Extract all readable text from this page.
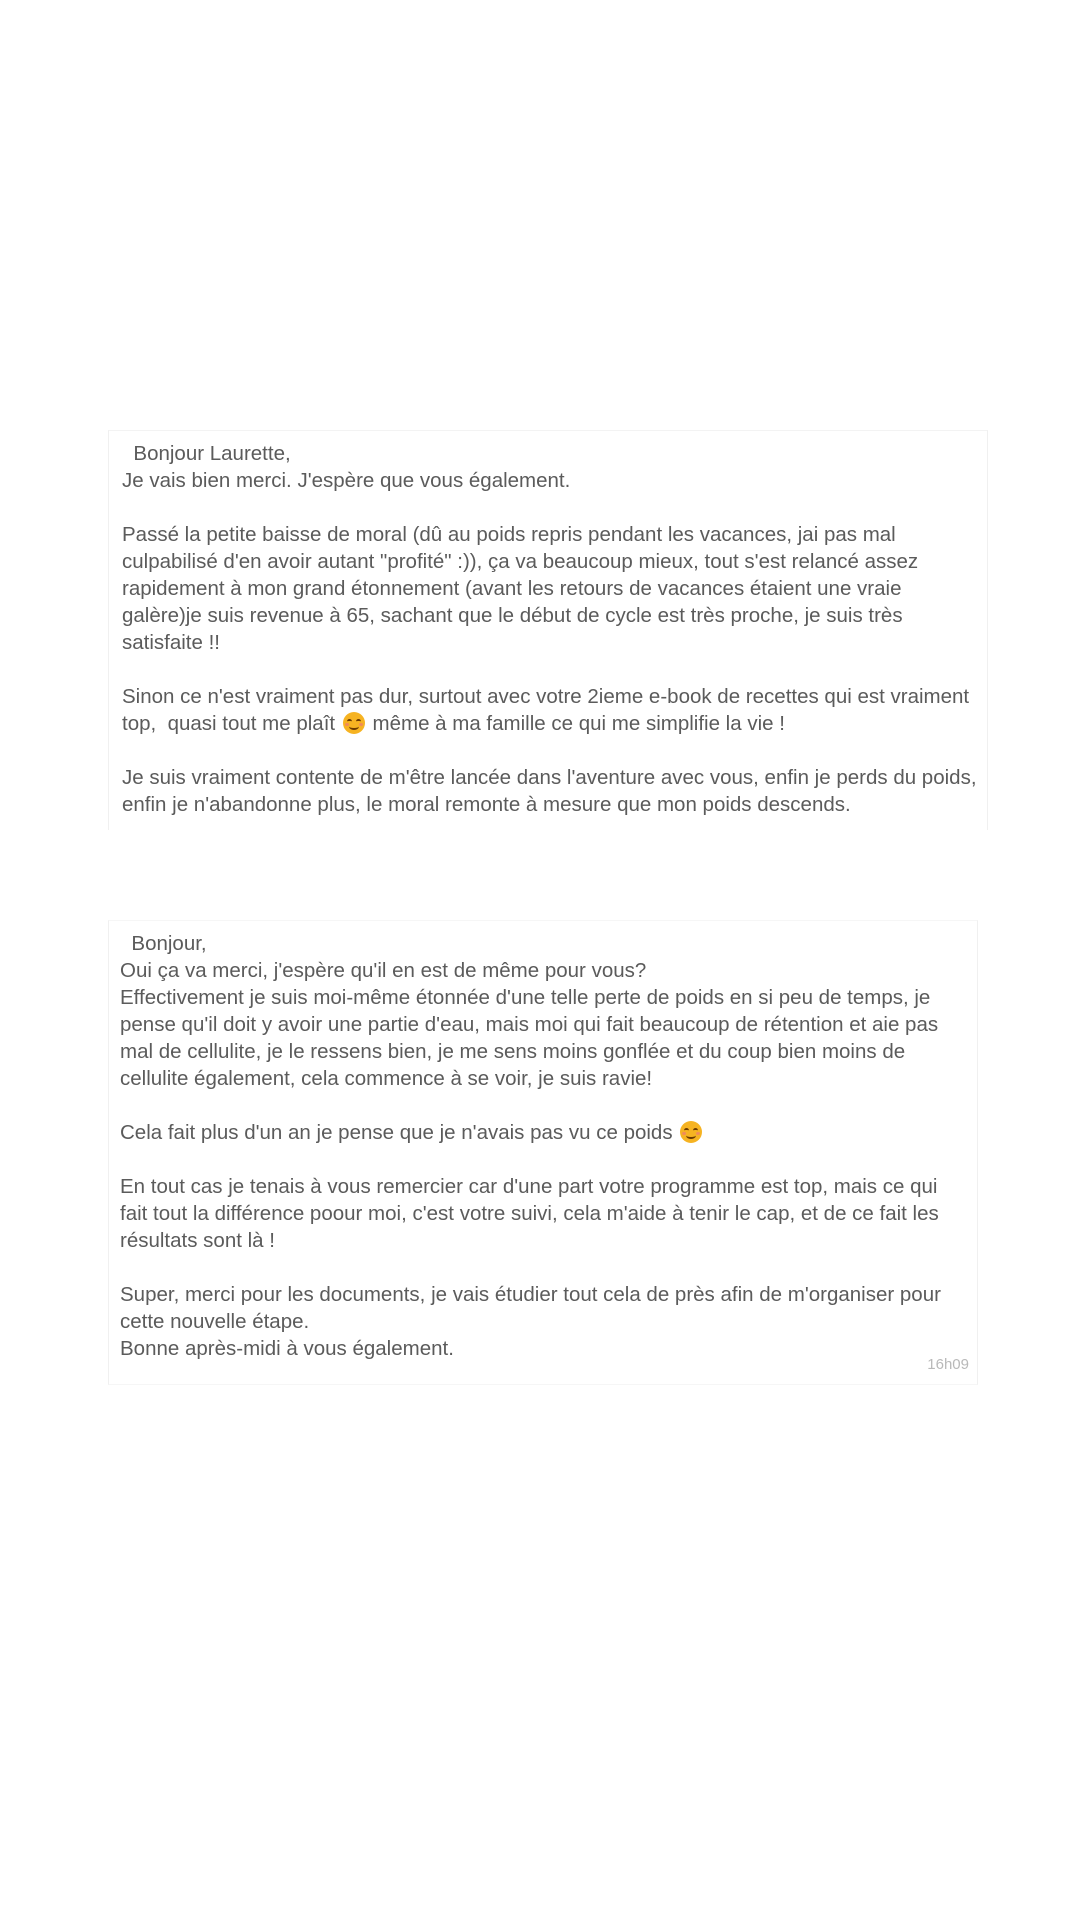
Bonjour Laurette,
Je vais bien merci. J'espère que vous également.
Passé la petite baisse de moral (dû au poids repris pendant les vacances, jai pas mal
culpabilisé d'en avoir autant "profité" :)), ça va beaucoup mieux, tout s'est relancé assez
rapidement à mon grand étonnement (avant les retours de vacances étaient une vraie
galère)je suis revenue à 65, sachant que le début de cycle est très proche, je suis très
satisfaite !!
Sinon ce n'est vraiment pas dur, surtout avec votre 2ieme e-book de recettes qui est vraiment
top,  quasi tout me plaît même à ma famille ce qui me simplifie la vie !
Je suis vraiment contente de m'être lancée dans l'aventure avec vous, enfin je perds du poids,
enfin je n'abandonne plus, le moral remonte à mesure que mon poids descends.
Bonjour,
Oui ça va merci, j'espère qu'il en est de même pour vous?
Effectivement je suis moi-même étonnée d'une telle perte de poids en si peu de temps, je
pense qu'il doit y avoir une partie d'eau, mais moi qui fait beaucoup de rétention et aie pas
mal de cellulite, je le ressens bien, je me sens moins gonflée et du coup bien moins de
cellulite également, cela commence à se voir, je suis ravie!
Cela fait plus d'un an je pense que je n'avais pas vu ce poids
En tout cas je tenais à vous remercier car d'une part votre programme est top, mais ce qui
fait tout la différence poour moi, c'est votre suivi, cela m'aide à tenir le cap, et de ce fait les
résultats sont là !
Super, merci pour les documents, je vais étudier tout cela de près afin de m'organiser pour
cette nouvelle étape.
Bonne après-midi à vous également.
16h09
